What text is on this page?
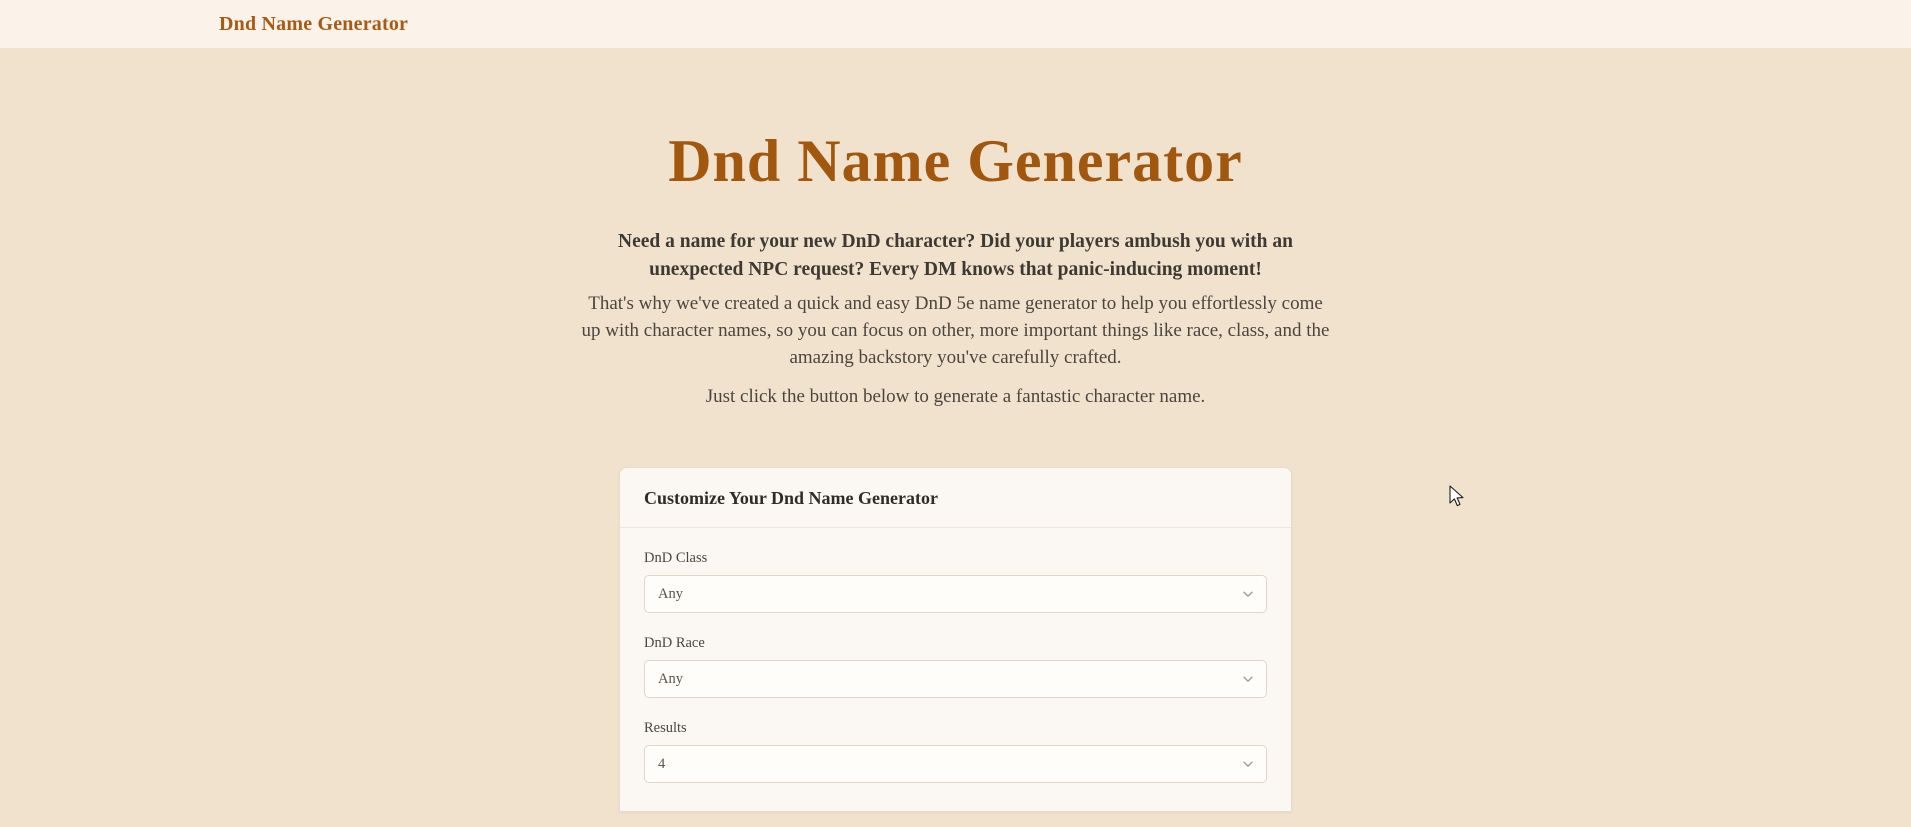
Dnd Name Generator
Dnd Name Generator

Need a name for your new DnD character? Did your players ambush you with an unexpected NPC request? Every DM knows that panic-inducing moment!

That's why we've created a quick and easy DnD 5e name generator to help you effortlessly come up with character names, so you can focus on other, more important things like race, class, and the amazing backstory you've carefully crafted.

Just click the button below to generate a fantastic character name.

Customize Your Dnd Name Generator
DnD Class
Any
DnD Race
Any
Results
4
